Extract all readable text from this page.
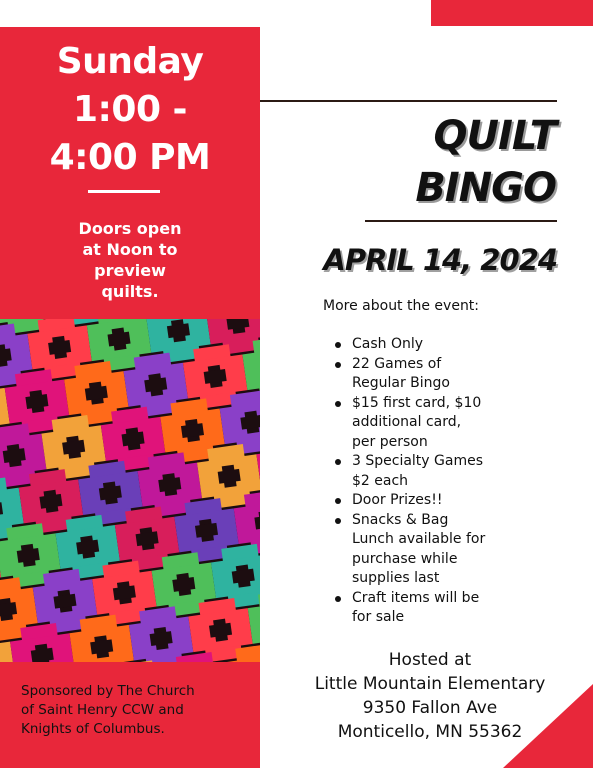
Sunday
1:00 -
4:00 PM
Doors open
at Noon to
preview
quilts.
Sponsored by The Church
of Saint Henry CCW and
Knights of Columbus.
QUILT
BINGO
APRIL 14, 2024
More about the event:
Cash Only
22 Games of
Regular Bingo
$15 first card, $10
additional card,
per person
3 Specialty Games
$2 each
Door Prizes!!
Snacks & Bag
Lunch available for
purchase while
supplies last
Craft items will be
for sale
Hosted at
Little Mountain Elementary
9350 Fallon Ave
Monticello, MN 55362
